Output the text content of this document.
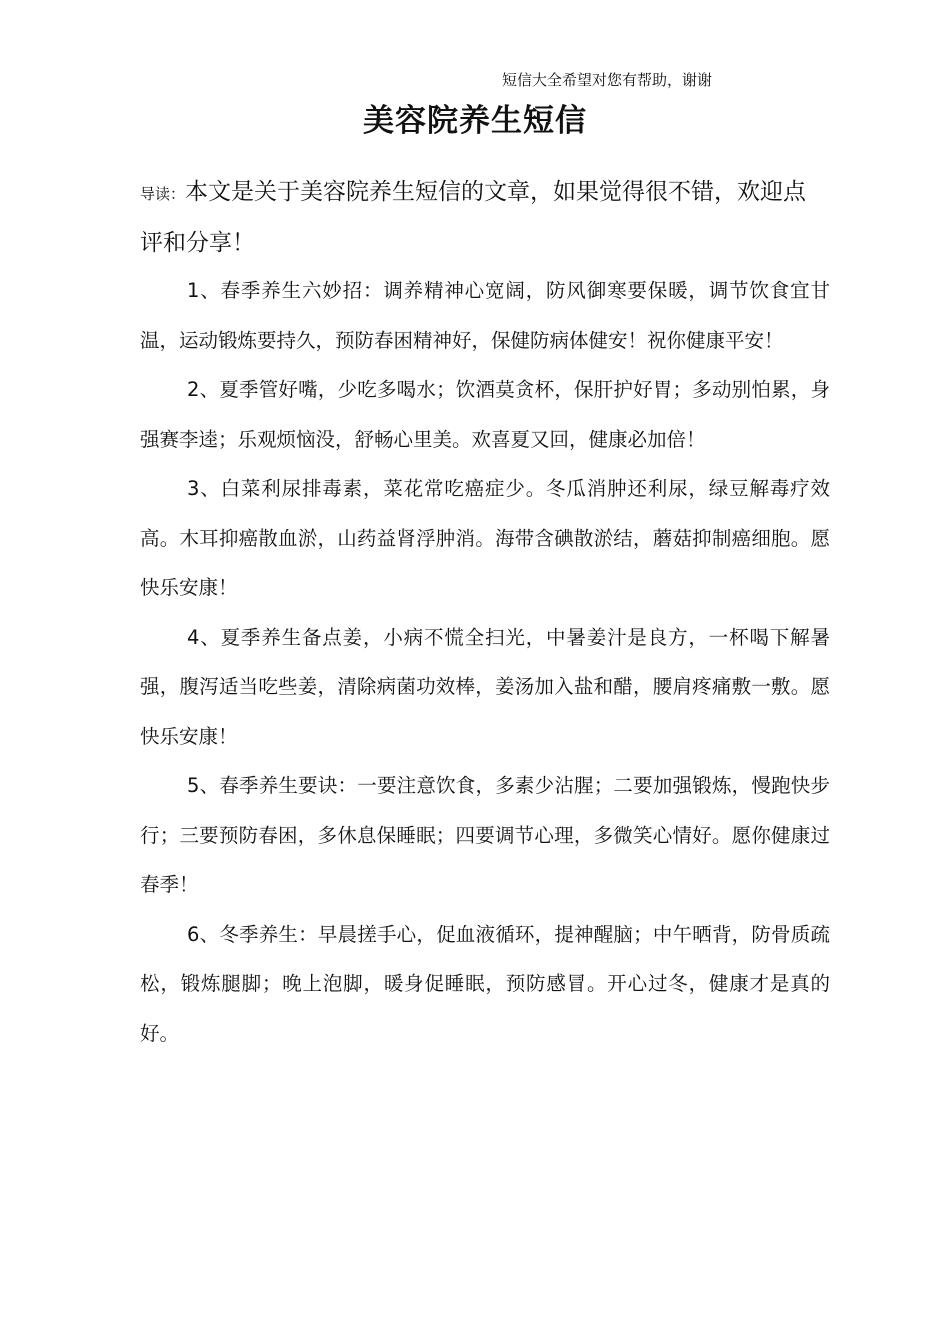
短信大全希望对您有帮助，谢谢
美容院养生短信
导读：本文是关于美容院养生短信的文章，如果觉得很不错，欢迎点评和分享！

1、春季养生六妙招：调养精神心宽阔，防风御寒要保暖，调节饮食宜甘温，运动锻炼要持久，预防春困精神好，保健防病体健安！祝你健康平安！

2、夏季管好嘴，少吃多喝水；饮酒莫贪杯，保肝护好胃；多动别怕累，身强赛李逵；乐观烦恼没，舒畅心里美。欢喜夏又回，健康必加倍！

3、白菜利尿排毒素，菜花常吃癌症少。冬瓜消肿还利尿，绿豆解毒疗效高。木耳抑癌散血淤，山药益肾浮肿消。海带含碘散淤结，蘑菇抑制癌细胞。愿快乐安康！

4、夏季养生备点姜，小病不慌全扫光，中暑姜汁是良方，一杯喝下解暑强，腹泻适当吃些姜，清除病菌功效棒，姜汤加入盐和醋，腰肩疼痛敷一敷。愿快乐安康！

5、春季养生要诀：一要注意饮食，多素少沾腥；二要加强锻炼，慢跑快步行；三要预防春困，多休息保睡眠；四要调节心理，多微笑心情好。愿你健康过春季！

6、冬季养生：早晨搓手心，促血液循环，提神醒脑；中午晒背，防骨质疏松，锻炼腿脚；晚上泡脚，暖身促睡眠，预防感冒。开心过冬，健康才是真的好。
